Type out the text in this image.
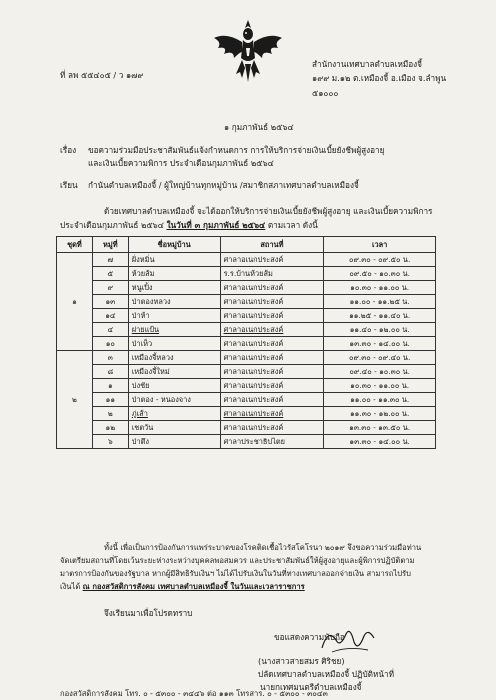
ที่ ลพ ๕๕๔๐๕ / ว ๑๗๙
สำนักงานเทศบาลตำบลเหมืองจี้
๑๙๙ ม.๑๒ ต.เหมืองจี้ อ.เมือง จ.ลำพูน
๕๑๐๐๐
๑ กุมภาพันธ์ ๒๕๖๔
เรื่อง ขอความร่วมมือประชาสัมพันธ์แจ้งกำหนดการ การให้บริการจ่ายเงินเบี้ยยังชีพผู้สูงอายุ
และเงินเบี้ยความพิการ ประจำเดือนกุมภาพันธ์ ๒๕๖๔
เรียน กำนันตำบลเหมืองจี้ / ผู้ใหญ่บ้านทุกหมู่บ้าน /สมาชิกสภาเทศบาลตำบลเหมืองจี้
ด้วยเทศบาลตำบลเหมืองจี้ จะได้ออกให้บริการจ่ายเงินเบี้ยยังชีพผู้สูงอายุ และเงินเบี้ยความพิการ
ประจำเดือนกุมภาพันธ์ ๒๕๖๔ ในวันที่ ๓ กุมภาพันธ์ ๒๕๖๔ ตามเวลา ดังนี้
ชุดที่	หมู่ที่	ชื่อหมู่บ้าน	สถานที่	เวลา
๑	๗	ฝั่งหมิ่น	ศาลาอเนกประสงค์	๐๙.๓๐ - ๐๙.๕๐ น.
	๕	ห้วยส้ม	ร.ร.บ้านห้วยส้ม	๐๙.๕๐ - ๑๐.๓๐ น.
	๙	หนูเปิ้ง	ศาลาอเนกประสงค์	๑๐.๓๐ - ๑๑.๐๐ น.
	๑๓	ป่าตองหลวง	ศาลาอเนกประสงค์	๑๑.๐๐ - ๑๑.๒๕ น.
	๑๔	ป่าห้า	ศาลาอเนกประสงค์	๑๑.๒๕ - ๑๑.๔๐ น.
	๔	ฝายแป้น	ศาลาอเนกประสงค์	๑๑.๔๐ - ๑๒.๐๐ น.
	๑๐	ป่าเห็ว	ศาลาอเนกประสงค์	๑๓.๓๐ - ๑๔.๐๐ น.
๒	๓	เหมืองจี้หลวง	ศาลาอเนกประสงค์	๐๙.๓๐ - ๐๙.๔๐ น.
	๘	เหมืองจี้ใหม่	ศาลาอเนกประสงค์	๐๙.๔๐ - ๑๐.๓๐ น.
	๑	ปงชัย	ศาลาอเนกประสงค์	๑๐.๓๐ - ๑๑.๐๐ น.
	๑๑	ป่าตอง - หนองจาง	ศาลาอเนกประสงค์	๑๑.๐๐ - ๑๑.๓๐ น.
	๒	ภู่เส้า	ศาลาอเนกประสงค์	๑๑.๓๐ - ๑๒.๐๐ น.
	๑๒	เชตวัน	ศาลาอเนกประสงค์	๑๓.๓๐ - ๑๓.๕๐ น.
	๖	ป่าตึง	ศาลาประชาธิปไตย	๑๓.๓๐ - ๑๔.๐๐ น.
ทั้งนี้ เพื่อเป็นการป้องกันการแพร่ระบาดของโรคติดเชื้อไวรัสโคโรนา ๒๐๑๙ จึงขอความร่วมมือท่าน
จัดเตรียมสถานที่โดยเว้นระยะห่างระหว่างบุคคลพอสมควร และประชาสัมพันธ์ให้ผู้สูงอายุและผู้พิการปฏิบัติตาม
มาตรการป้องกันของรัฐบาล หากผู้มีสิทธิรับเงินฯ ไม่ได้ไปรับเงินในวันที่ทางเทศบาลออกจ่ายเงิน สามารถไปรับ
เงินได้ ณ กองสวัสดิการสังคม เทศบาลตำบลเหมืองจี้ ในวันและเวลาราชการ
จึงเรียนมาเพื่อโปรดทราบ
ขอแสดงความนับถือ
(นางสาวสายสมร ศิริชย)
ปลัดเทศบาลตำบลเหมืองจี้ ปฏิบัติหน้าที่
นายกเทศมนตรีตำบลเหมืองจี้
กองสวัสดิการสังคม โทร. ๐ - ๕๓๐๐ - ๓๔๔๖ ต่อ ๑๑๓ โทรสาร. ๐ - ๕๓๐๐ - ๓๐๔๓
